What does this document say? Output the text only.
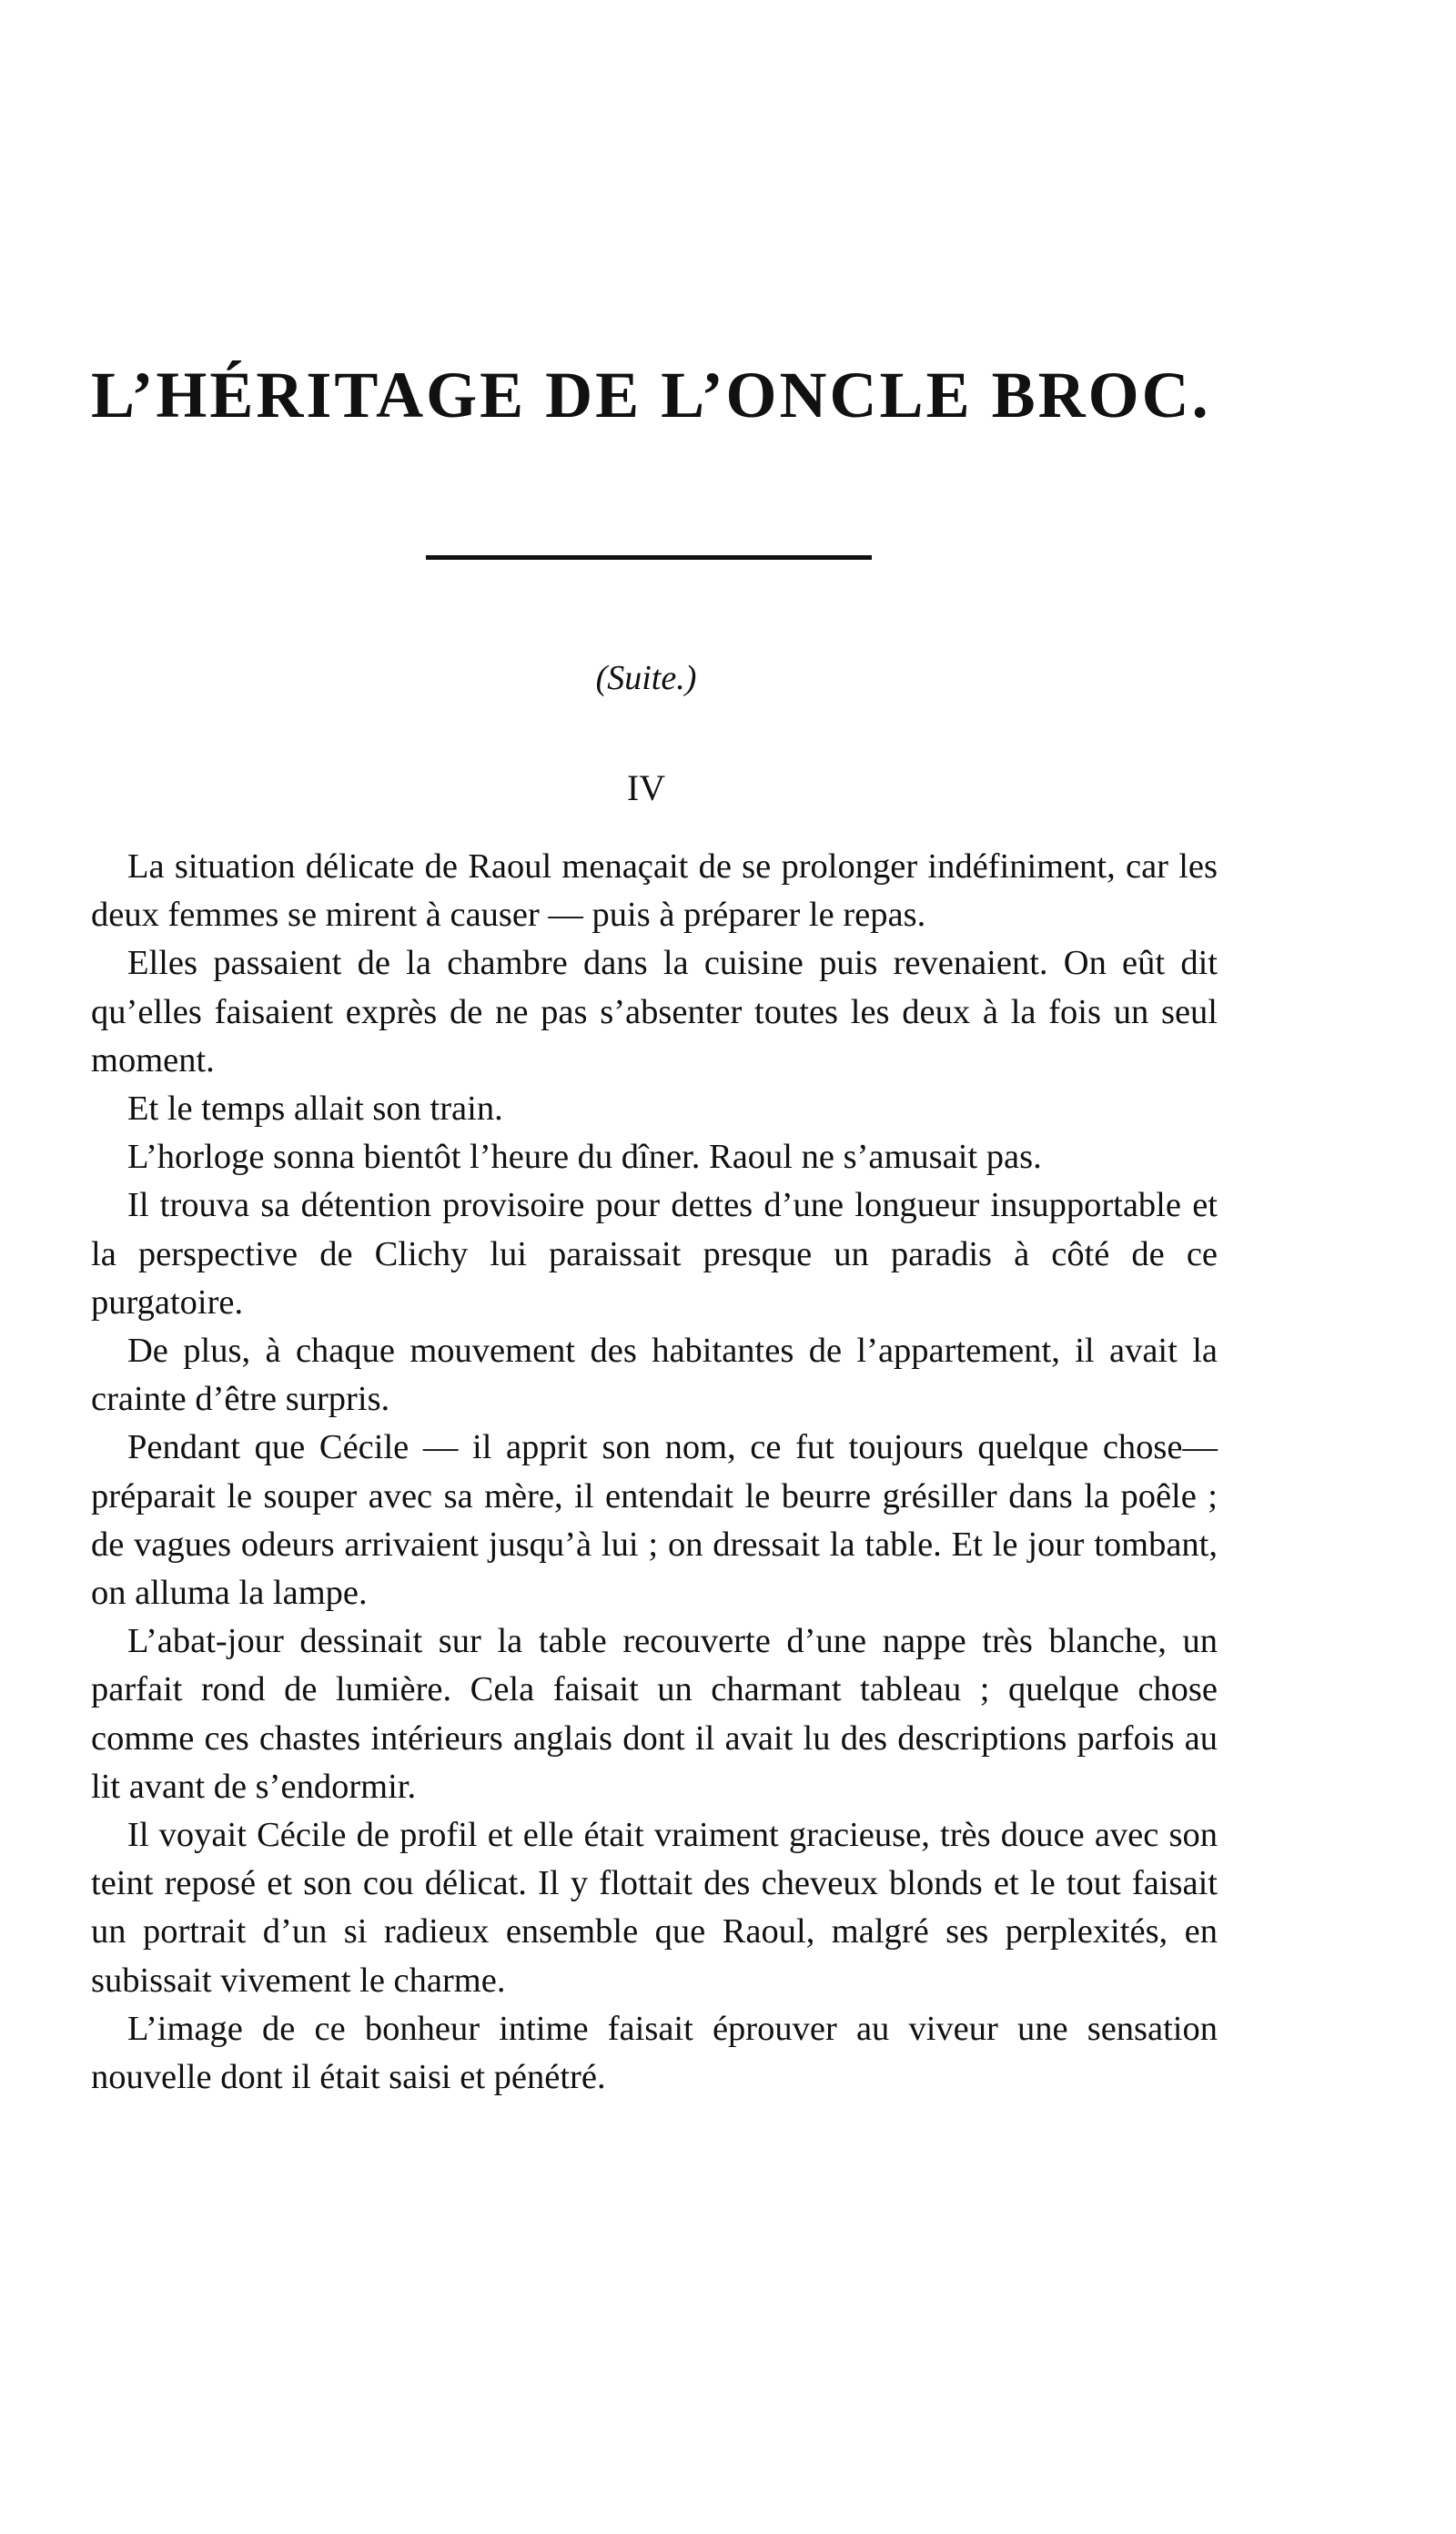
L’HÉRITAGE DE L’ONCLE BROC.
(Suite.)
IV

La situation délicate de Raoul menaçait de se prolonger indéfiniment, car les deux femmes se mirent à causer — puis à préparer le repas.

Elles passaient de la chambre dans la cuisine puis revenaient. On eût dit qu’elles faisaient exprès de ne pas s’absenter toutes les deux à la fois un seul moment.

Et le temps allait son train.

L’horloge sonna bientôt l’heure du dîner. Raoul ne s’amusait pas.

Il trouva sa détention provisoire pour dettes d’une longueur insupportable et la perspective de Clichy lui paraissait presque un paradis à côté de ce purgatoire.

De plus, à chaque mouvement des habitantes de l’appartement, il avait la crainte d’être surpris.

Pendant que Cécile — il apprit son nom, ce fut toujours quelque chose— préparait le souper avec sa mère, il entendait le beurre grésiller dans la poêle ; de vagues odeurs arrivaient jusqu’à lui ; on dressait la table. Et le jour tombant, on alluma la lampe.

L’abat-jour dessinait sur la table recouverte d’une nappe très blanche, un parfait rond de lumière. Cela faisait un charmant tableau ; quelque chose comme ces chastes intérieurs anglais dont il avait lu des descriptions parfois au lit avant de s’endormir.

Il voyait Cécile de profil et elle était vraiment gracieuse, très douce avec son teint reposé et son cou délicat. Il y flottait des cheveux blonds et le tout faisait un portrait d’un si radieux ensemble que Raoul, malgré ses perplexités, en subissait vivement le charme.

L’image de ce bonheur intime faisait éprouver au viveur une sensation nouvelle dont il était saisi et pénétré.
